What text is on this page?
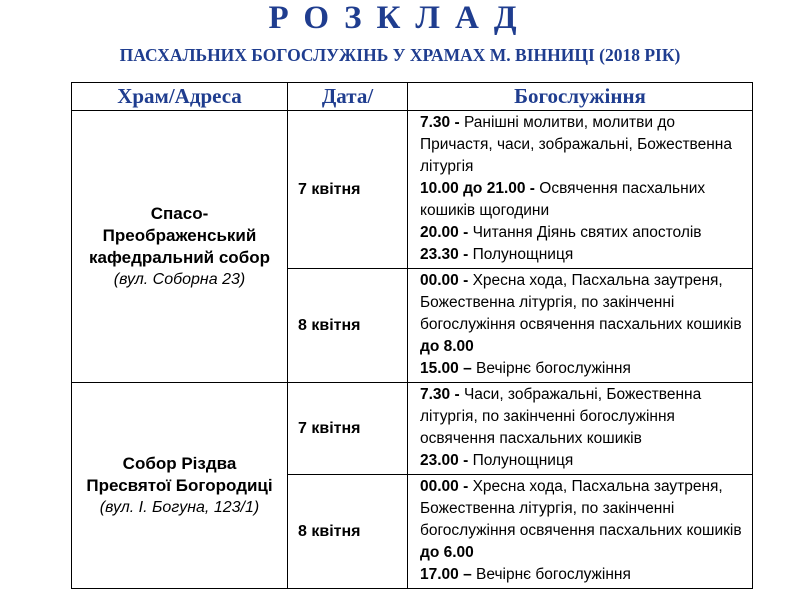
РОЗКЛАД
ПАСХАЛЬНИХ БОГОСЛУЖІНЬ У ХРАМАХ М. ВІННИЦІ (2018 РІК)
Храм/Адреса	Дата/	Богослужіння

Спасо-Преображенський кафедральний собор
(вул. Соборна 23)	7 квітня	7.30 - Ранішні молитви, молитви до Причастя, часи, зображальні, Божественна літургія
10.00 до 21.00 - Освячення пасхальних кошиків щогодини
20.00 - Читання Діянь святих апостолів
23.30 - Полунощниця

	8 квітня	00.00 - Хресна хода, Пасхальна заутреня, Божественна літургія, по закінченні богослужіння освячення пасхальних кошиків до 8.00
15.00 – Вечірнє богослужіння

Собор Різдва Пресвятої Богородиці
(вул. І. Богуна, 123/1)	7 квітня	7.30 - Часи, зображальні, Божественна літургія, по закінченні богослужіння освячення пасхальних кошиків
23.00 - Полунощниця

	8 квітня	00.00 - Хресна хода, Пасхальна заутреня, Божественна літургія, по закінченні богослужіння освячення пасхальних кошиків до 6.00
17.00 – Вечірнє богослужіння
